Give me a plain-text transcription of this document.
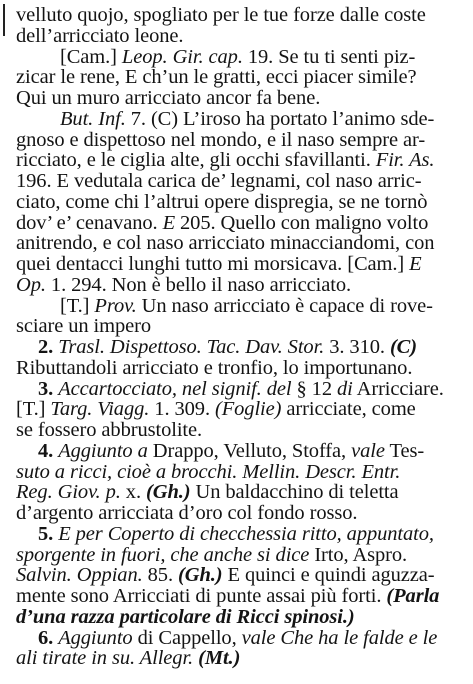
velluto quojo, spogliato per le tue forze dalle coste
dell’arricciato leone.
[Cam.] Leop. Gir. cap. 19. Se tu ti senti piz-
zicar le rene, E ch’un le gratti, ecci piacer simile?
Qui un muro arricciato ancor fa bene.
But. Inf. 7. (C) L’iroso ha portato l’animo sde-
gnoso e dispettoso nel mondo, e il naso sempre ar-
ricciato, e le ciglia alte, gli occhi sfavillanti. Fir. As.
196. E vedutala carica de’ legnami, col naso arric-
ciato, come chi l’altrui opere dispregia, se ne tornò
dov’ e’ cenavano. E 205. Quello con maligno volto
anitrendo, e col naso arricciato minacciandomi, con
quei dentacci lunghi tutto mi morsicava. [Cam.] E
Op. 1. 294. Non è bello il naso arricciato.
[T.] Prov. Un naso arricciato è capace di rove-
sciare un impero
2. Trasl. Dispettoso. Tac. Dav. Stor. 3. 310. (C)
Ributtandoli arricciato e tronfio, lo importunano.
3. Accartocciato, nel signif. del § 12 di Arricciare.
[T.] Targ. Viagg. 1. 309. (Foglie) arricciate, come
se fossero abbrustolite.
4. Aggiunto a Drappo, Velluto, Stoffa, vale Tes-
suto a ricci, cioè a brocchi. Mellin. Descr. Entr.
Reg. Giov. p. x. (Gh.) Un baldacchino di teletta
d’argento arricciata d’oro col fondo rosso.
5. E per Coperto di checchessia ritto, appuntato,
sporgente in fuori, che anche si dice Irto, Aspro.
Salvin. Oppian. 85. (Gh.) E quinci e quindi aguzza-
mente sono Arricciati di punte assai più forti. (Parla
d’una razza particolare di Ricci spinosi.)
6. Aggiunto di Cappello, vale Che ha le falde e le
ali tirate in su. Allegr. (Mt.)
